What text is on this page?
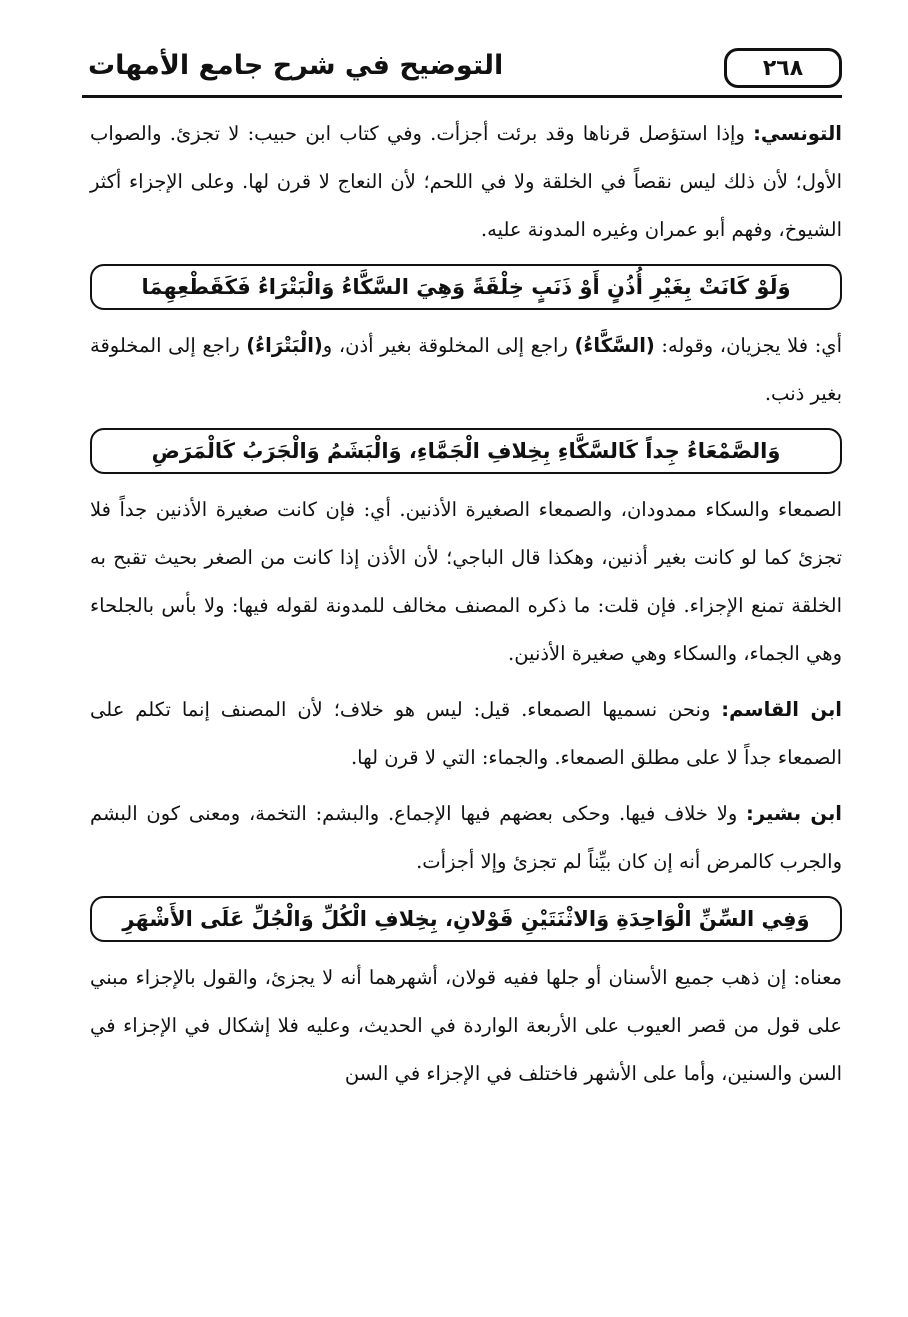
٢٦٨
التوضيح في شرح جامع الأمهات

التونسي: وإذا استؤصل قرناها وقد برئت أجزأت. وفي كتاب ابن حبيب: لا تجزئ. والصواب الأول؛ لأن ذلك ليس نقصاً في الخلقة ولا في اللحم؛ لأن النعاج لا قرن لها. وعلى الإجزاء أكثر الشيوخ، وفهم أبو عمران وغيره المدونة عليه.

وَلَوْ كَانَتْ بِغَيْرِ أُذُنٍ أَوْ ذَنَبٍ خِلْقَةً وَهِيَ السَّكَّاءُ وَالْبَتْرَاءُ فَكَقَطْعِهِمَا

أي: فلا يجزيان، وقوله: (السَّكَّاءُ) راجع إلى المخلوقة بغير أذن، و(الْبَتْرَاءُ) راجع إلى المخلوقة بغير ذنب.

وَالصَّمْعَاءُ جِداً كَالسَّكَّاءِ بِخِلافِ الْجَمَّاءِ، وَالْبَشَمُ وَالْجَرَبُ كَالْمَرَضِ

الصمعاء والسكاء ممدودان، والصمعاء الصغيرة الأذنين. أي: فإن كانت صغيرة الأذنين جداً فلا تجزئ كما لو كانت بغير أذنين، وهكذا قال الباجي؛ لأن الأذن إذا كانت من الصغر بحيث تقبح به الخلقة تمنع الإجزاء. فإن قلت: ما ذكره المصنف مخالف للمدونة لقوله فيها: ولا بأس بالجلحاء وهي الجماء، والسكاء وهي صغيرة الأذنين.

ابن القاسم: ونحن نسميها الصمعاء. قيل: ليس هو خلاف؛ لأن المصنف إنما تكلم على الصمعاء جداً لا على مطلق الصمعاء. والجماء: التي لا قرن لها.

ابن بشير: ولا خلاف فيها. وحكى بعضهم فيها الإجماع. والبشم: التخمة، ومعنى كون البشم والجرب كالمرض أنه إن كان بيِّناً لم تجزئ وإلا أجزأت.

وَفِي السِّنِّ الْوَاحِدَةِ وَالاثْنَتَيْنِ قَوْلانِ، بِخِلافِ الْكُلِّ وَالْجُلِّ عَلَى الأَشْهَرِ

معناه: إن ذهب جميع الأسنان أو جلها ففيه قولان، أشهرهما أنه لا يجزئ، والقول بالإجزاء مبني على قول من قصر العيوب على الأربعة الواردة في الحديث، وعليه فلا إشكال في الإجزاء في السن والسنين، وأما على الأشهر فاختلف في الإجزاء في السن
